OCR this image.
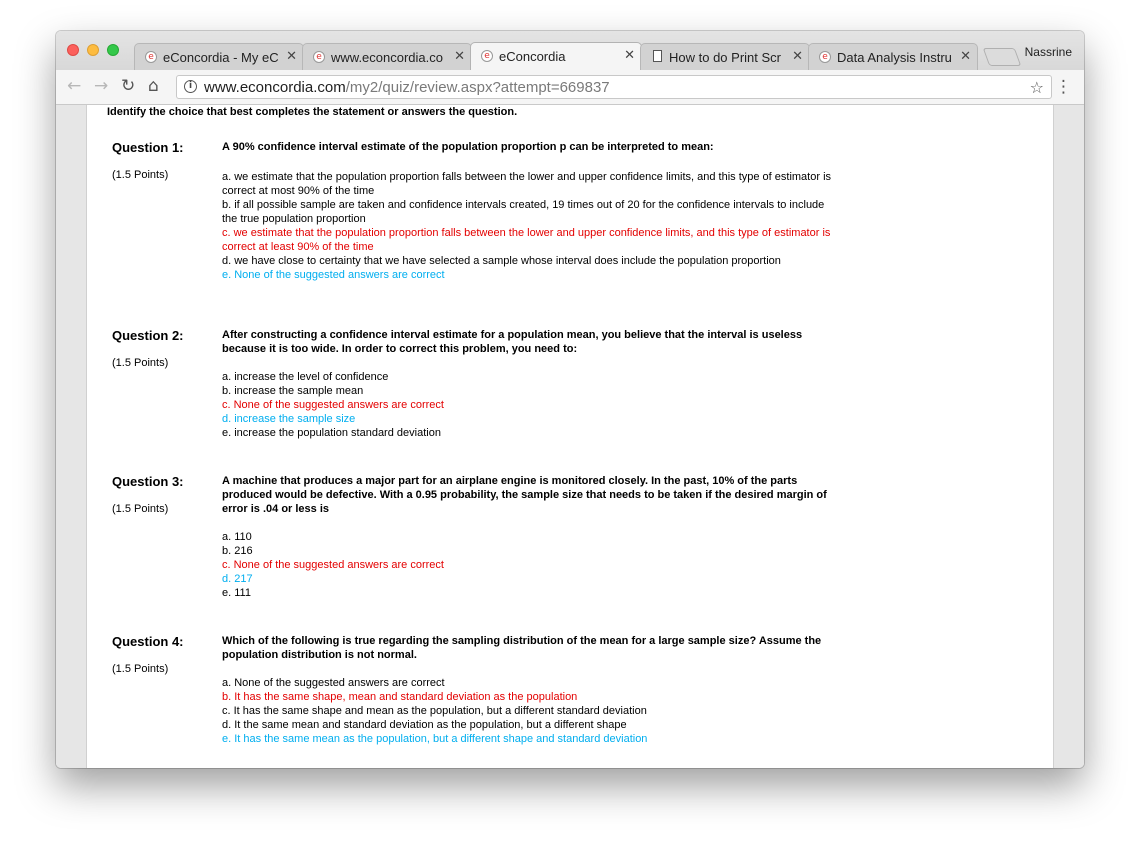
e eConcordia - My eC ✕	e www.econcordia.co ✕	e eConcordia	✕	How to do Print Scr ✕	e Data Analysis Instru ✕	Nassrine
← → ↻ ⌂	i www.econcordia.com/my2/quiz/review.aspx?attempt=669837	☆ ⋮
Identify the choice that best completes the statement or answers the question.
Question 1:
(1.5 Points)
A 90% confidence interval estimate of the population proportion p can be interpreted to mean:
a. we estimate that the population proportion falls between the lower and upper confidence limits, and this type of estimator is correct at most 90% of the time
b. if all possible sample are taken and confidence intervals created, 19 times out of 20 for the confidence intervals to include the true population proportion
c. we estimate that the population proportion falls between the lower and upper confidence limits, and this type of estimator is correct at least 90% of the time
d. we have close to certainty that we have selected a sample whose interval does include the population proportion
e. None of the suggested answers are correct
Question 2:
(1.5 Points)
After constructing a confidence interval estimate for a population mean, you believe that the interval is useless because it is too wide. In order to correct this problem, you need to:
a. increase the level of confidence
b. increase the sample mean
c. None of the suggested answers are correct
d. increase the sample size
e. increase the population standard deviation
Question 3:
(1.5 Points)
A machine that produces a major part for an airplane engine is monitored closely. In the past, 10% of the parts produced would be defective. With a 0.95 probability, the sample size that needs to be taken if the desired margin of error is .04 or less is
a. 110
b. 216
c. None of the suggested answers are correct
d. 217
e. 111
Question 4:
(1.5 Points)
Which of the following is true regarding the sampling distribution of the mean for a large sample size? Assume the population distribution is not normal.
a. None of the suggested answers are correct
b. It has the same shape, mean and standard deviation as the population
c. It has the same shape and mean as the population, but a different standard deviation
d. It the same mean and standard deviation as the population, but a different shape
e. It has the same mean as the population, but a different shape and standard deviation
